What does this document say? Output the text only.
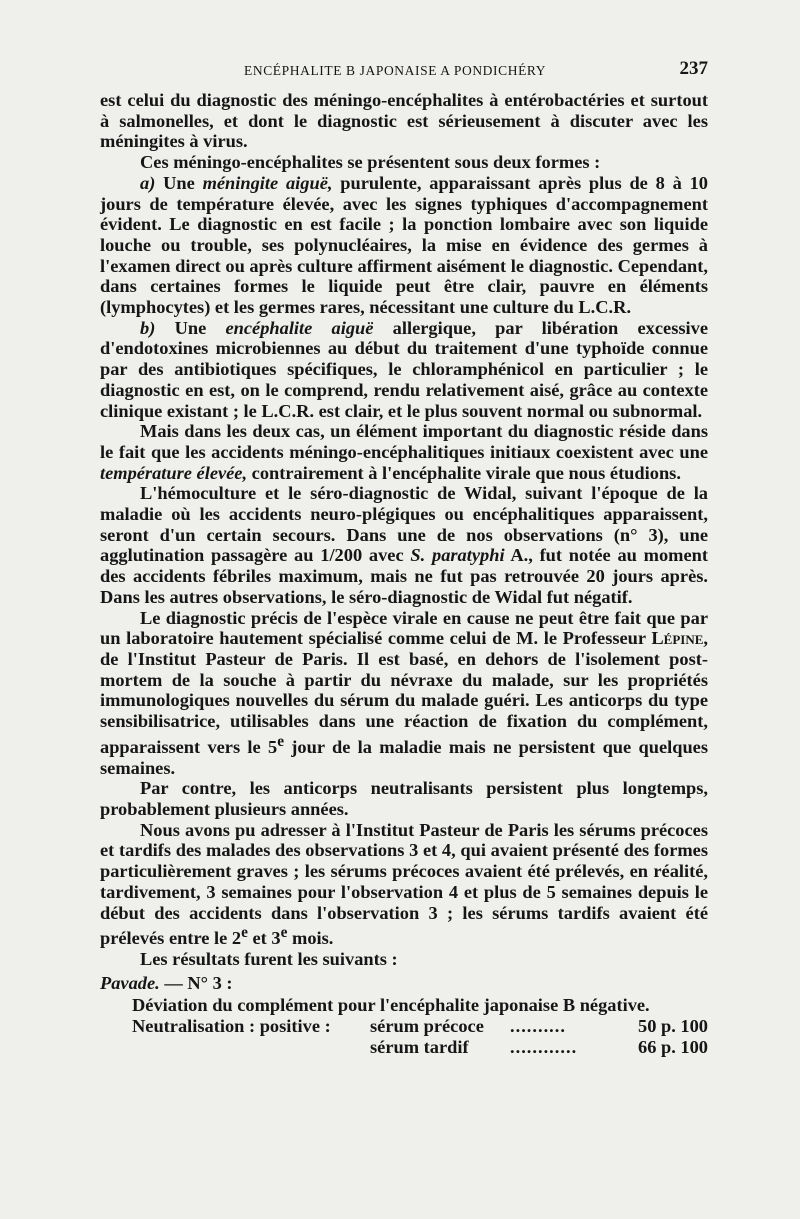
ENCÉPHALITE B JAPONAISE A PONDICHÉRY	237

est celui du diagnostic des méningo-encéphalites à entérobactéries et surtout à salmonelles, et dont le diagnostic est sérieusement à discuter avec les méningites à virus.

Ces méningo-encéphalites se présentent sous deux formes :

a) Une méningite aiguë, purulente, apparaissant après plus de 8 à 10 jours de température élevée, avec les signes typhiques d'accompagnement évident. Le diagnostic en est facile ; la ponction lombaire avec son liquide louche ou trouble, ses polynucléaires, la mise en évidence des germes à l'examen direct ou après culture affirment aisément le diagnostic. Cependant, dans certaines formes le liquide peut être clair, pauvre en éléments (lymphocytes) et les germes rares, nécessitant une culture du L.C.R.

b) Une encéphalite aiguë allergique, par libération excessive d'endotoxines microbiennes au début du traitement d'une typhoïde connue par des antibiotiques spécifiques, le chloramphénicol en particulier ; le diagnostic en est, on le comprend, rendu relativement aisé, grâce au contexte clinique existant ; le L.C.R. est clair, et le plus souvent normal ou subnormal.

Mais dans les deux cas, un élément important du diagnostic réside dans le fait que les accidents méningo-encéphalitiques initiaux coexistent avec une température élevée, contrairement à l'encéphalite virale que nous étudions.

L'hémoculture et le séro-diagnostic de Widal, suivant l'époque de la maladie où les accidents neuro-plégiques ou encéphalitiques apparaissent, seront d'un certain secours. Dans une de nos observations (n° 3), une agglutination passagère au 1/200 avec S. paratyphi A., fut notée au moment des accidents fébriles maximum, mais ne fut pas retrouvée 20 jours après. Dans les autres observations, le séro-diagnostic de Widal fut négatif.

Le diagnostic précis de l'espèce virale en cause ne peut être fait que par un laboratoire hautement spécialisé comme celui de M. le Professeur Lépine, de l'Institut Pasteur de Paris. Il est basé, en dehors de l'isolement post-mortem de la souche à partir du névraxe du malade, sur les propriétés immunologiques nouvelles du sérum du malade guéri. Les anticorps du type sensibilisatrice, utilisables dans une réaction de fixation du complément, apparaissent vers le 5e jour de la maladie mais ne persistent que quelques semaines.

Par contre, les anticorps neutralisants persistent plus longtemps, probablement plusieurs années.

Nous avons pu adresser à l'Institut Pasteur de Paris les sérums précoces et tardifs des malades des observations 3 et 4, qui avaient présenté des formes particulièrement graves ; les sérums précoces avaient été prélevés, en réalité, tardivement, 3 semaines pour l'observation 4 et plus de 5 semaines depuis le début des accidents dans l'observation 3 ; les sérums tardifs avaient été prélevés entre le 2e et 3e mois.

Les résultats furent les suivants :

Pavade. — N° 3 :

Déviation du complément pour l'encéphalite japonaise B négative.

Neutralisation : positive :	sérum précoce	..........	50 p. 100
sérum tardif	............	66 p. 100
